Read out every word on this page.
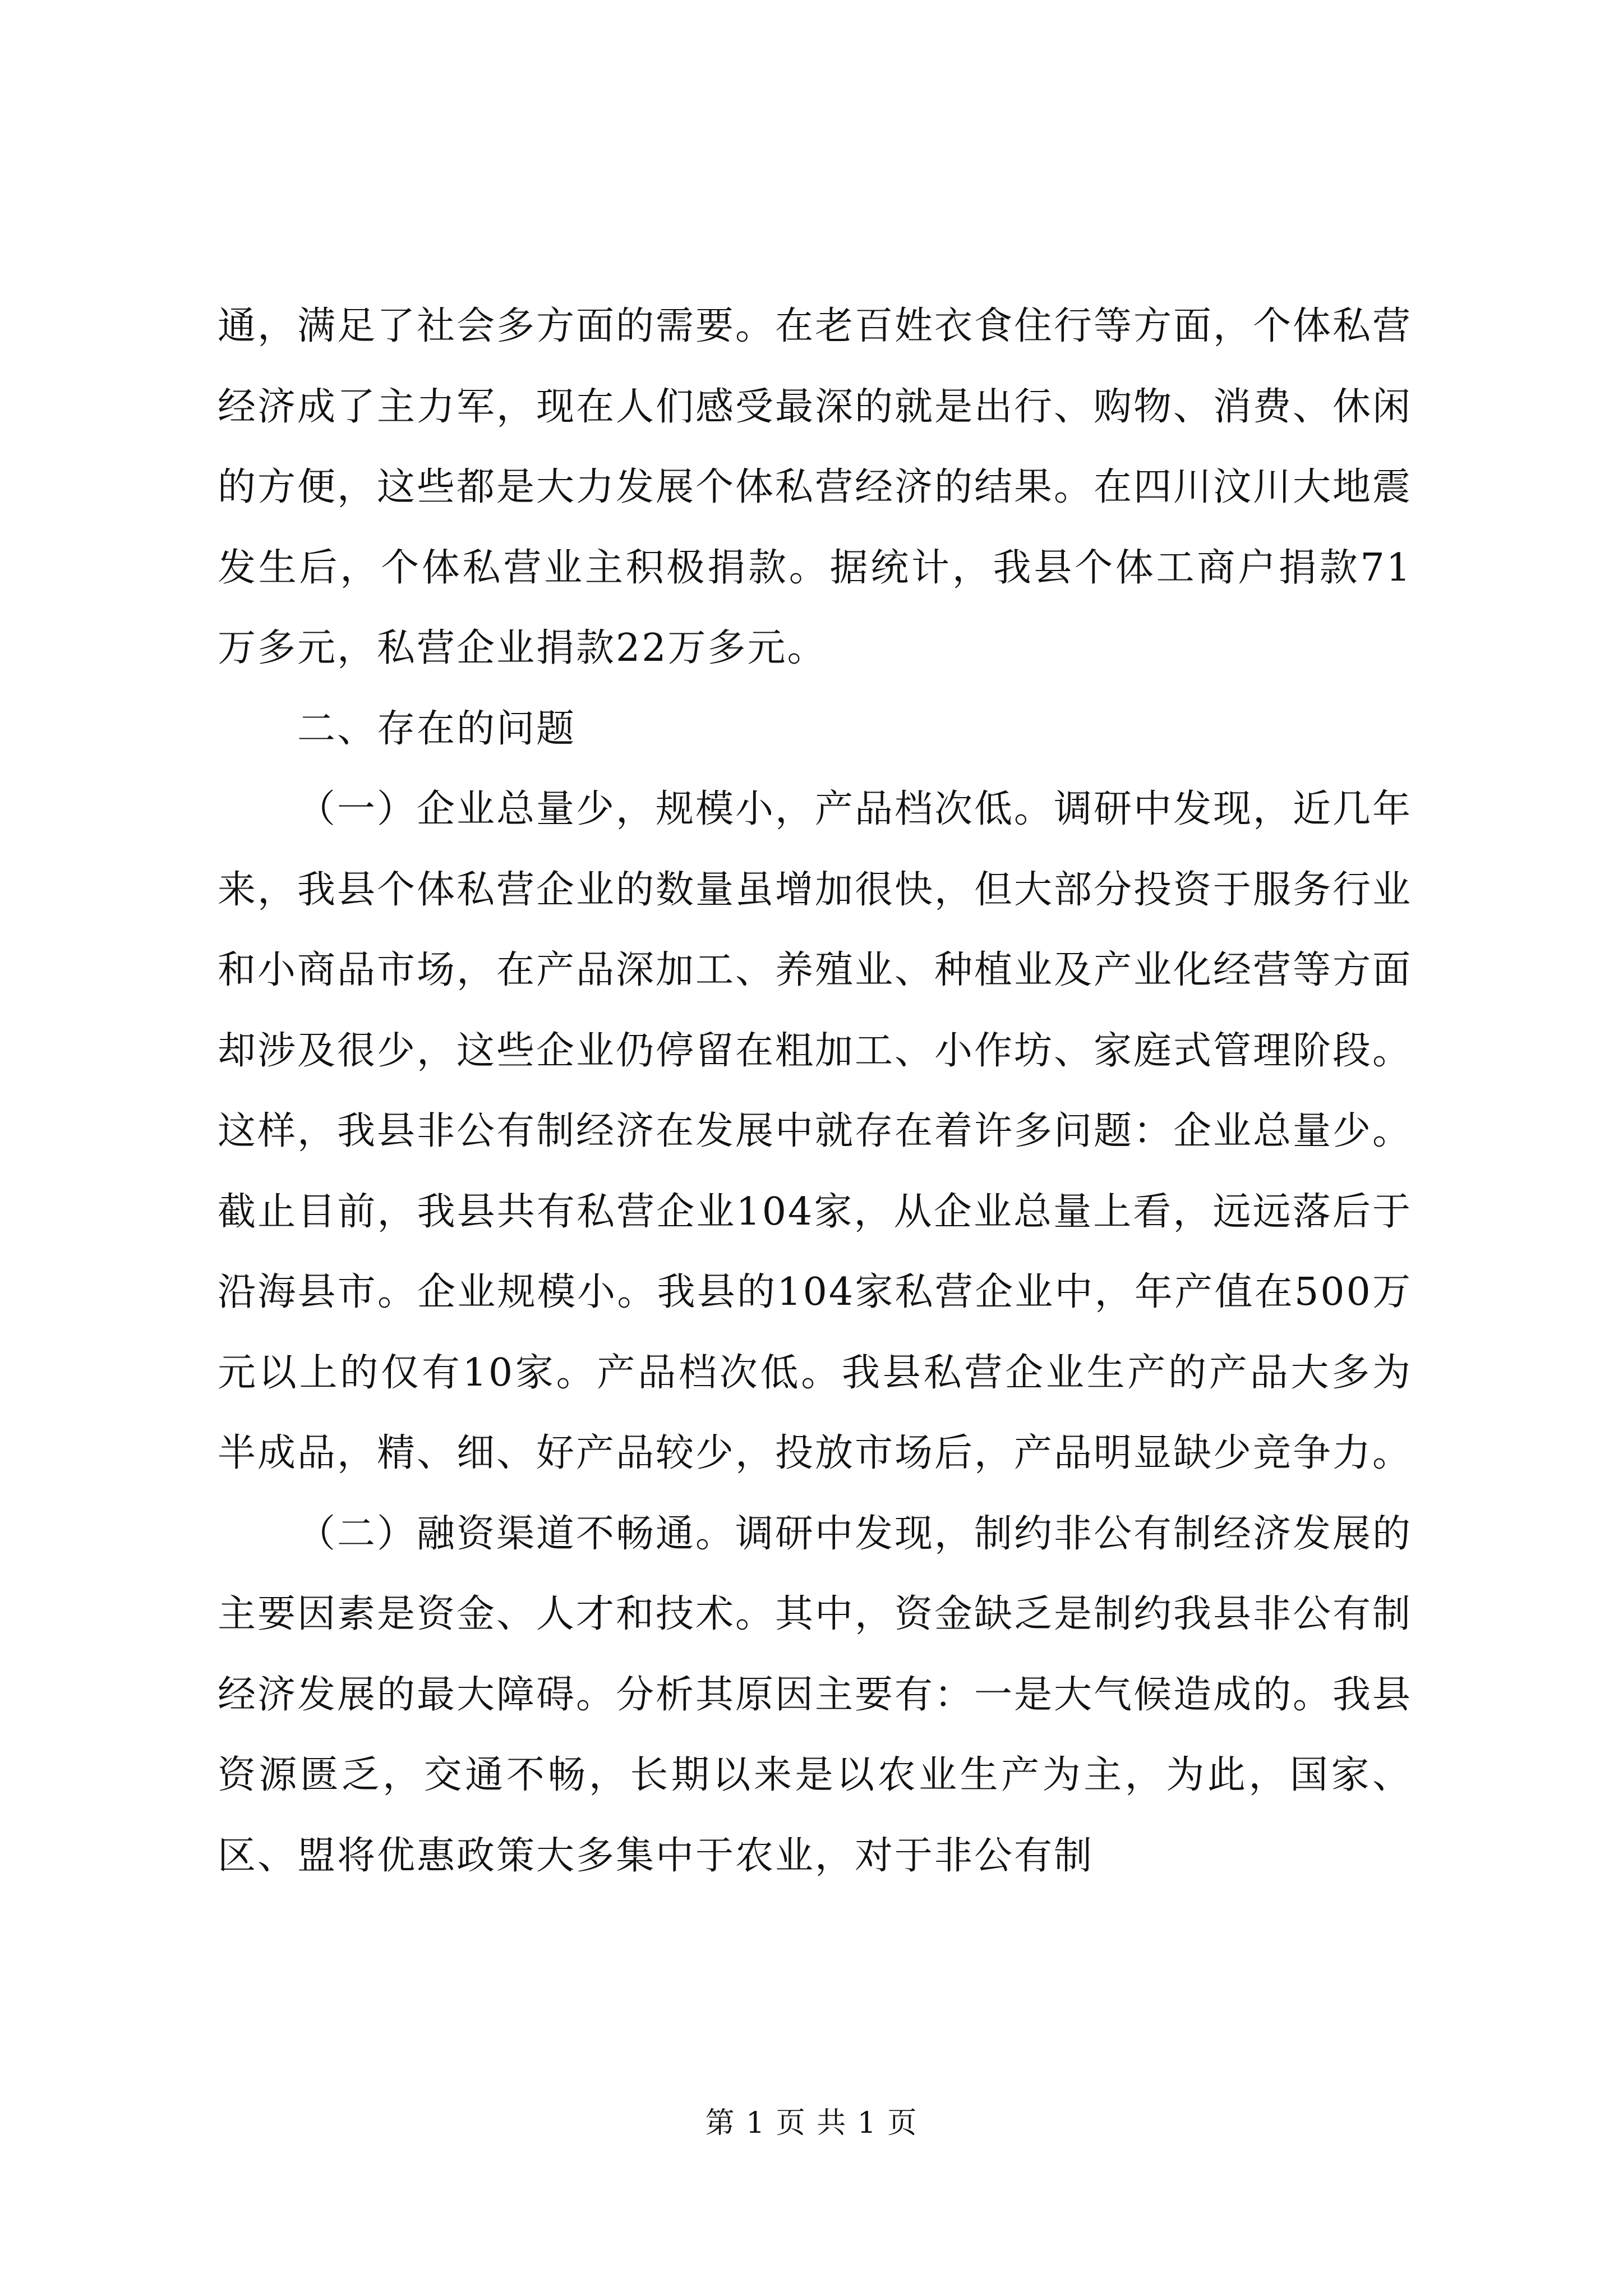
通，满足了社会多方面的需要。在老百姓衣食住行等方面，个体私营经济成了主力军，现在人们感受最深的就是出行、购物、消费、休闲的方便，这些都是大力发展个体私营经济的结果。在四川汶川大地震发生后，个体私营业主积极捐款。据统计，我县个体工商户捐款71万多元，私营企业捐款22万多元。

二、存在的问题

（一）企业总量少，规模小，产品档次低。调研中发现，近几年来，我县个体私营企业的数量虽增加很快，但大部分投资于服务行业和小商品市场，在产品深加工、养殖业、种植业及产业化经营等方面却涉及很少，这些企业仍停留在粗加工、小作坊、家庭式管理阶段。这样，我县非公有制经济在发展中就存在着许多问题：企业总量少。截止目前，我县共有私营企业104家，从企业总量上看，远远落后于沿海县市。企业规模小。我县的104家私营企业中，年产值在500万元以上的仅有10家。产品档次低。我县私营企业生产的产品大多为半成品，精、细、好产品较少，投放市场后，产品明显缺少竞争力。

（二）融资渠道不畅通。调研中发现，制约非公有制经济发展的主要因素是资金、人才和技术。其中，资金缺乏是制约我县非公有制经济发展的最大障碍。分析其原因主要有：一是大气候造成的。我县资源匮乏，交通不畅，长期以来是以农业生产为主，为此，国家、区、盟将优惠政策大多集中于农业，对于非公有制

第 1 页 共 1 页
